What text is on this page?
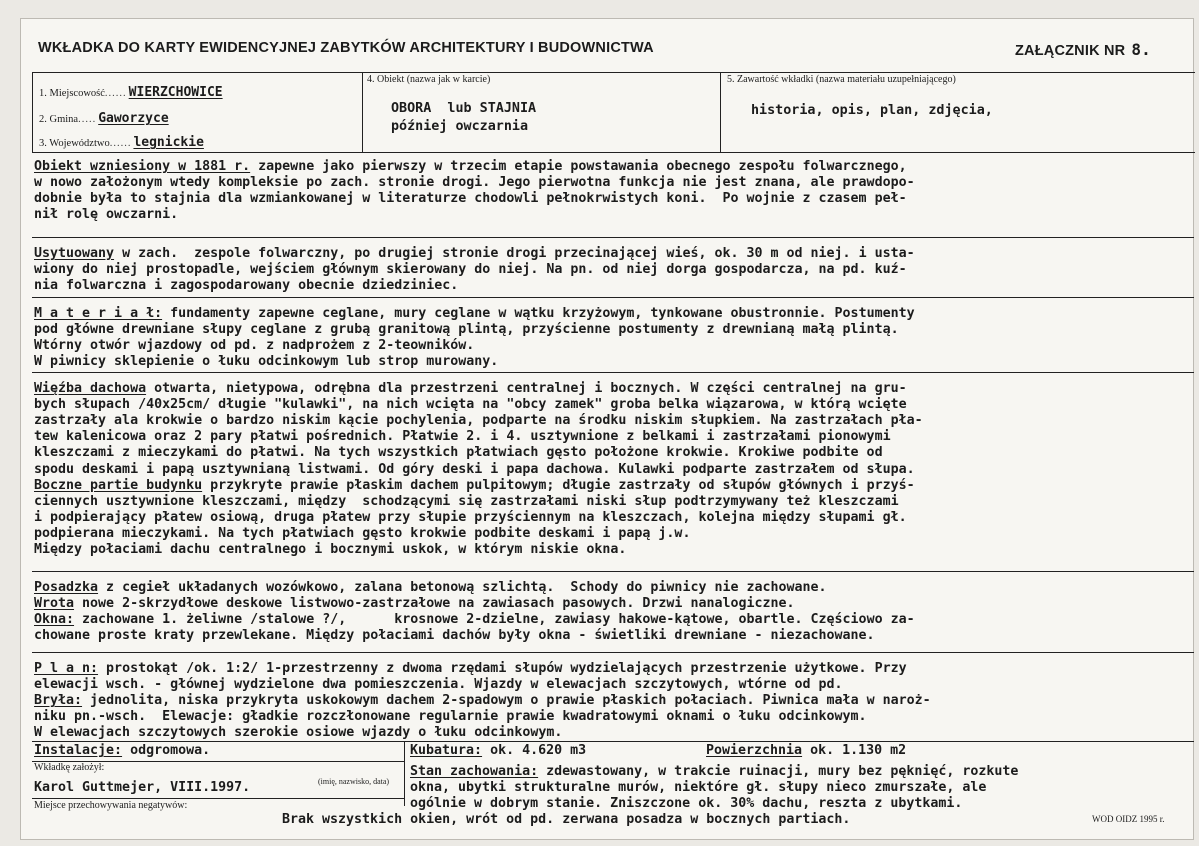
WKŁADKA DO KARTY EWIDENCYJNEJ ZABYTKÓW ARCHITEKTURY I BUDOWNICTWA	ZAŁĄCZNIK NR 8.
1. Miejscowość...... WIERZCHOWICE
2. Gmina..... Gaworzyce
3. Województwo...... legnickie
4. Obiekt (nazwa jak w karcie)
OBORA  lub STAJNIA
później owczarnia
5. Zawartość wkładki (nazwa materiału uzupełniającego)
historia, opis, plan, zdjęcia,
Obiekt wzniesiony w 1881 r. zapewne jako pierwszy w trzecim etapie powstawania obecnego zespołu folwarcznego,
w nowo założonym wtedy kompleksie po zach. stronie drogi. Jego pierwotna funkcja nie jest znana, ale prawdopo-
dobnie była to stajnia dla wzmiankowanej w literaturze chodowli pełnokrwistych koni.  Po wojnie z czasem peł-
nił rolę owczarni.
Usytuowany w zach.  zespole folwarczny, po drugiej stronie drogi przecinającej wieś, ok. 30 m od niej. i usta-
wiony do niej prostopadle, wejściem głównym skierowany do niej. Na pn. od niej dorga gospodarcza, na pd. kuź-
nia folwarczna i zagospodarowany obecnie dziedziniec.
M a t e r i a ł: fundamenty zapewne ceglane, mury ceglane w wątku krzyżowym, tynkowane obustronnie. Postumenty
pod główne drewniane słupy ceglane z grubą granitową plintą, przyścienne postumenty z drewnianą małą plintą.
Wtórny otwór wjazdowy od pd. z nadprożem z 2-teowników.
W piwnicy sklepienie o łuku odcinkowym lub strop murowany.
Więźba dachowa otwarta, nietypowa, odrębna dla przestrzeni centralnej i bocznych. W części centralnej na gru-
bych słupach /40x25cm/ długie "kulawki", na nich wcięta na "obcy zamek" groba belka wiązarowa, w którą wcięte
zastrzały ala krokwie o bardzo niskim kącie pochylenia, podparte na środku niskim słupkiem. Na zastrzałach pła-
tew kalenicowa oraz 2 pary płatwi pośrednich. Płatwie 2. i 4. usztywnione z belkami i zastrzałami pionowymi
kleszczami z mieczykami do płatwi. Na tych wszystkich płatwiach gęsto położone krokwie. Krokiwe podbite od
spodu deskami i papą usztywnianą listwami. Od góry deski i papa dachowa. Kulawki podparte zastrzałem od słupa.
Boczne partie budynku przykryte prawie płaskim dachem pulpitowym; długie zastrzały od słupów głównych i przyś-
ciennych usztywnione kleszczami, między  schodzącymi się zastrzałami niski słup podtrzymywany też kleszczami
i podpierający płatew osiową, druga płatew przy słupie przyściennym na kleszczach, kolejna między słupami gł.
podpierana mieczykami. Na tych płatwiach gęsto krokwie podbite deskami i papą j.w.
Między połaciami dachu centralnego i bocznymi uskok, w którym niskie okna.
Posadzka z cegieł układanych wozówkowo, zalana betonową szlichtą.  Schody do piwnicy nie zachowane.
Wrota nowe 2-skrzydłowe deskowe listwowo-zastrzałowe na zawiasach pasowych. Drzwi nanalogiczne.
Okna: zachowane 1. żeliwne /stalowe ?/,      krosnowe 2-dzielne, zawiasy hakowe-kątowe, obartle. Częściowo za-
chowane proste kraty przewlekane. Między połaciami dachów były okna - świetliki drewniane - niezachowane.
P l a n: prostokąt /ok. 1:2/ 1-przestrzenny z dwoma rzędami słupów wydzielających przestrzenie użytkowe. Przy
elewacji wsch. - głównej wydzielone dwa pomieszczenia. Wjazdy w elewacjach szczytowych, wtórne od pd.
Bryła: jednolita, niska przykryta uskokowym dachem 2-spadowym o prawie płaskich połaciach. Piwnica mała w naroż-
niku pn.-wsch.  Elewacje: gładkie rozczłonowane regularnie prawie kwadratowymi oknami o łuku odcinkowym.
W elewacjach szczytowych szerokie osiowe wjazdy o łuku odcinkowym.
Instalacje: odgromowa.	Kubatura: ok. 4.620 m3	Powierzchnia ok. 1.130 m2
Wkładkę założył:
Karol Guttmejer, VIII.1997.	(imię, nazwisko, data)
Miejsce przechowywania negatywów:
Stan zachowania: zdewastowany, w trakcie ruinacji, mury bez pęknięć, rozkute
okna, ubytki strukturalne murów, niektóre gł. słupy nieco zmurszałe, ale
ogólnie w dobrym stanie. Zniszczone ok. 30% dachu, reszta z ubytkami.
Brak wszystkich okien, wrót od pd. zerwana posadza w bocznych partiach.	WOD OIDZ 1995 r.
